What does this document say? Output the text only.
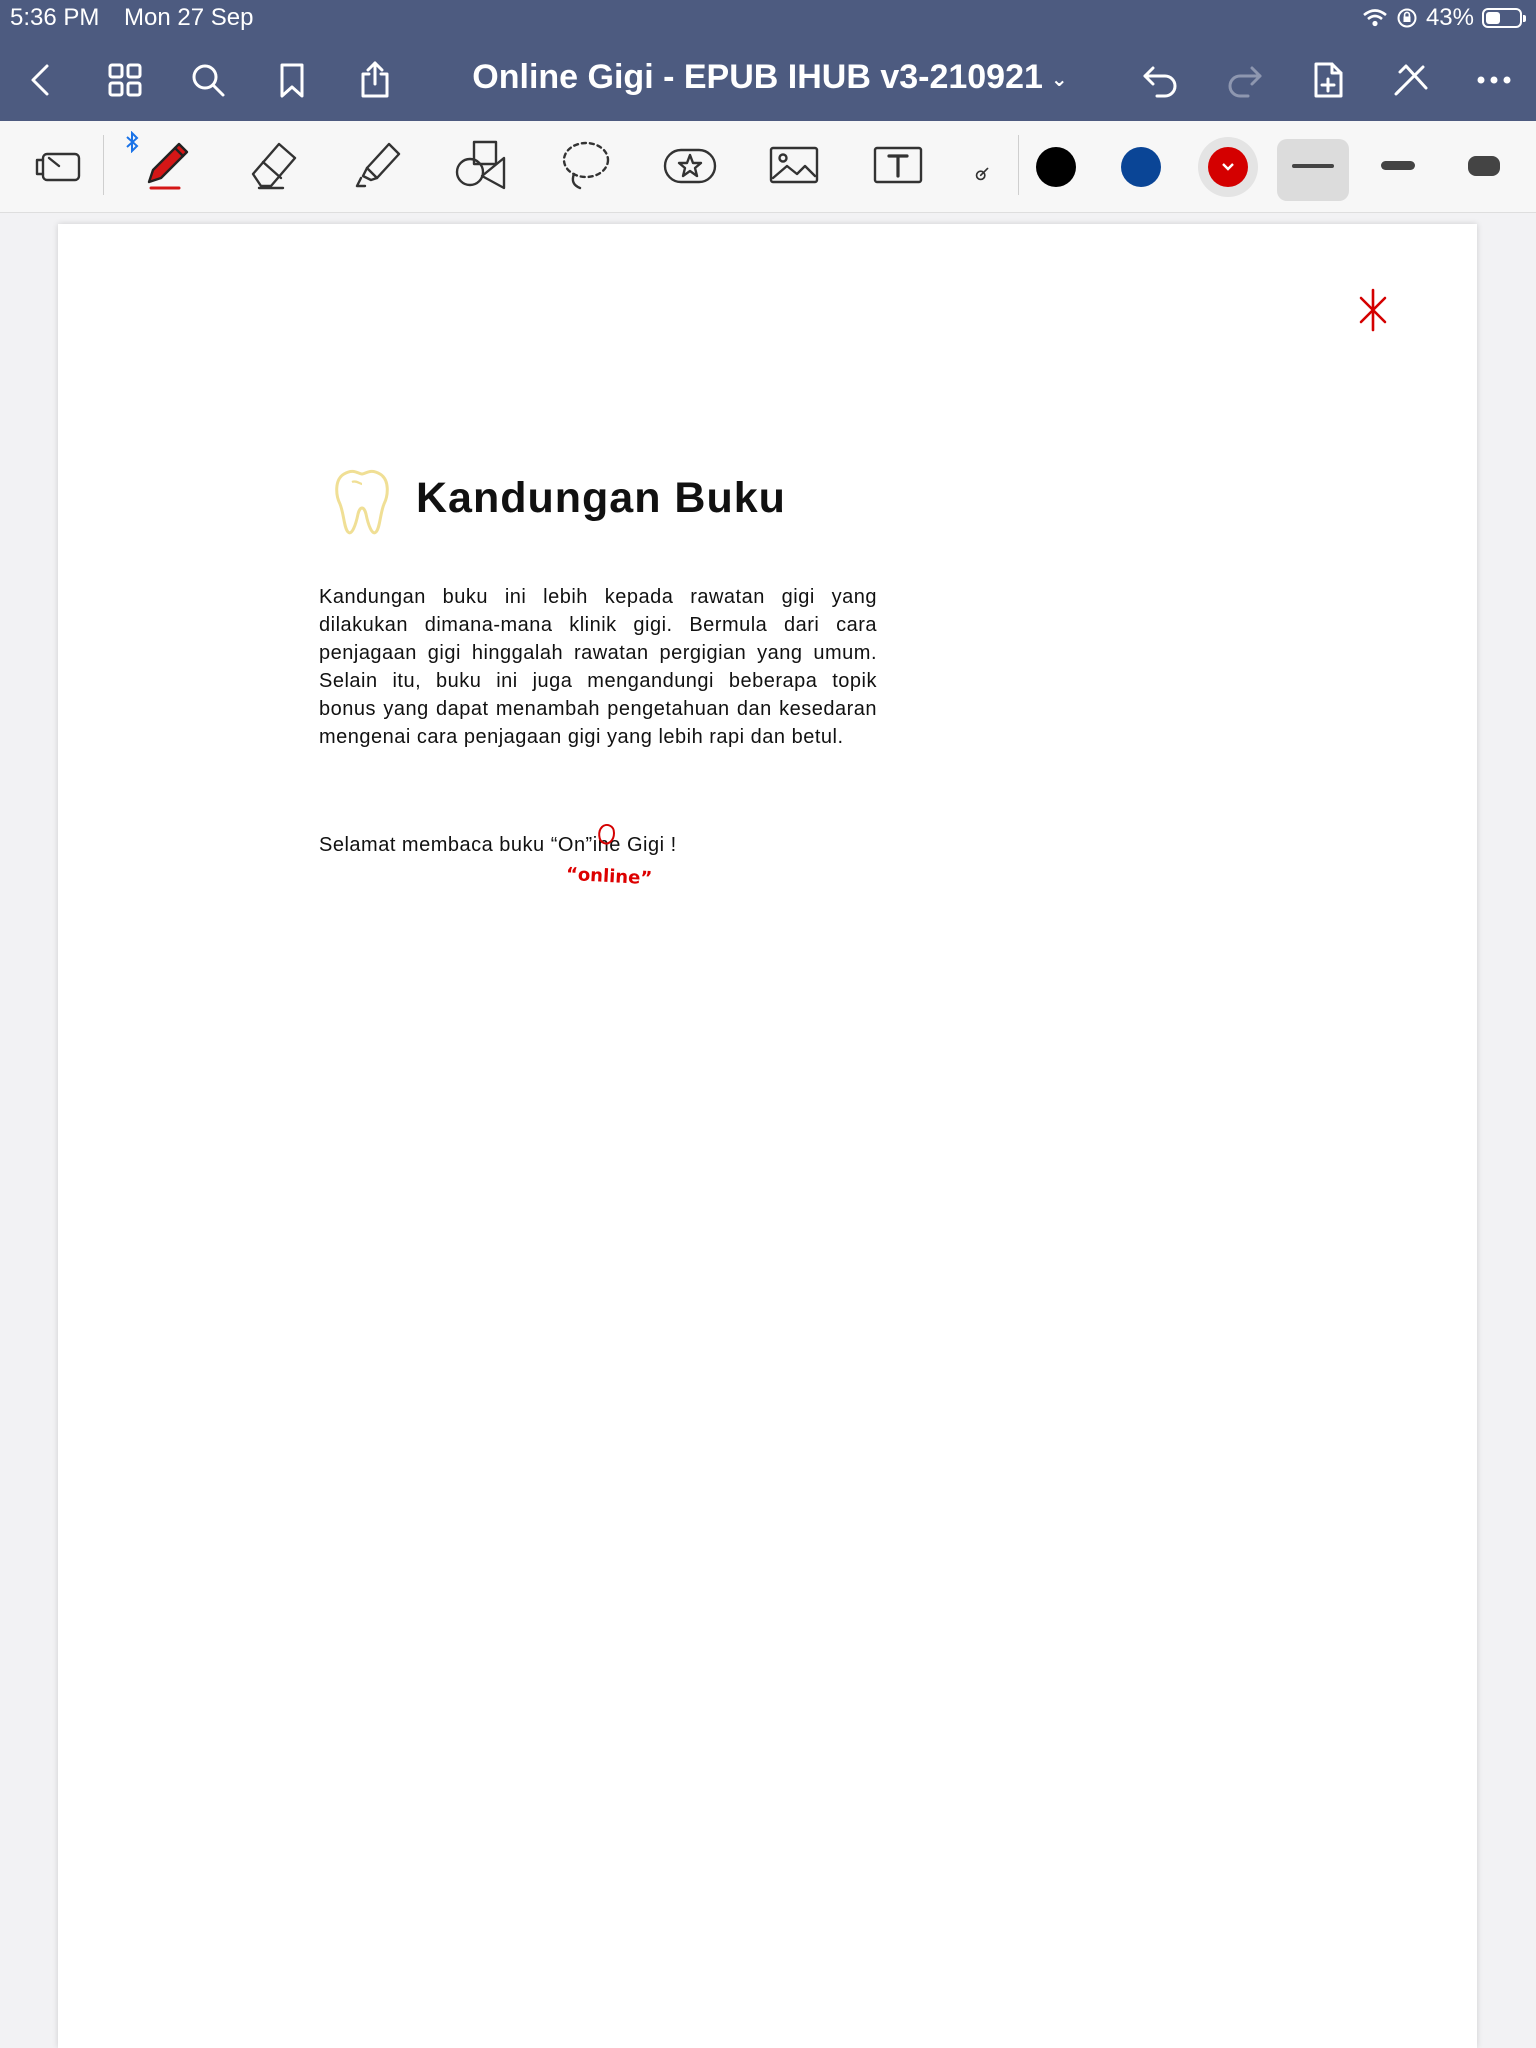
5:36 PM Mon 27 Sep	43%
Online Gigi - EPUB IHUB v3-210921 ⌄
Kandungan Buku
Kandungan buku ini lebih kepada rawatan gigi yang dilakukan dimana-mana klinik gigi. Bermula dari cara penjagaan gigi hinggalah rawatan pergigian yang umum. Selain itu, buku ini juga mengandungi beberapa topik bonus yang dapat menambah pengetahuan dan kesedaran mengenai cara penjagaan gigi yang lebih rapi dan betul.
Selamat membaca buku “On”ine Gigi !
“online”
